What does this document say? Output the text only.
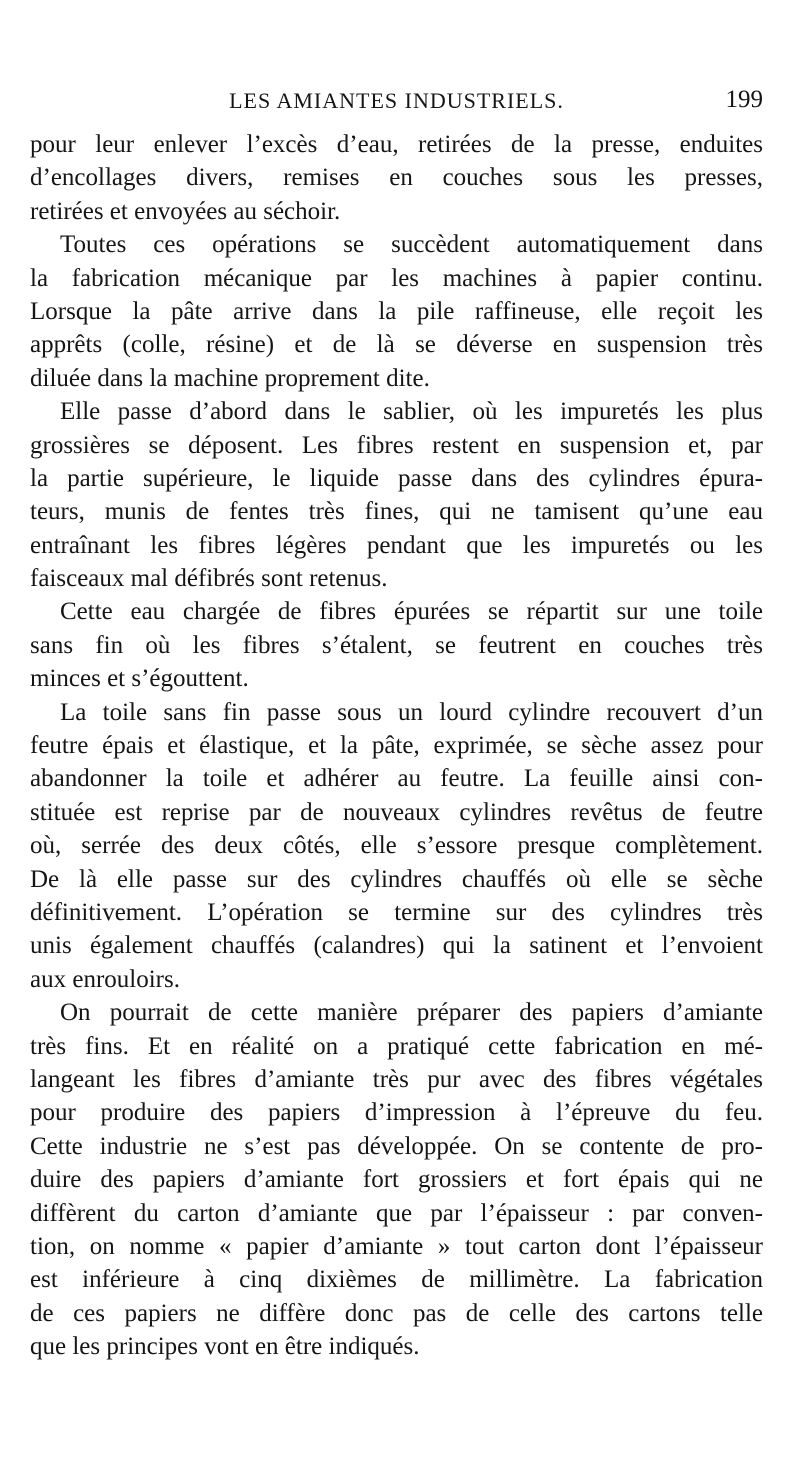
LES AMIANTES INDUSTRIELS.	199
pour leur enlever l’excès d’eau, retirées de la presse, enduites
d’encollages divers, remises en couches sous les presses,
retirées et envoyées au séchoir.
Toutes ces opérations se succèdent automatiquement dans
la fabrication mécanique par les machines à papier continu.
Lorsque la pâte arrive dans la pile raffineuse, elle reçoit les
apprêts (colle, résine) et de là se déverse en suspension très
diluée dans la machine proprement dite.
Elle passe d’abord dans le sablier, où les impuretés les plus
grossières se déposent. Les fibres restent en suspension et, par
la partie supérieure, le liquide passe dans des cylindres épura-
teurs, munis de fentes très fines, qui ne tamisent qu’une eau
entraînant les fibres légères pendant que les impuretés ou les
faisceaux mal défibrés sont retenus.
Cette eau chargée de fibres épurées se répartit sur une toile
sans fin où les fibres s’étalent, se feutrent en couches très
minces et s’égouttent.
La toile sans fin passe sous un lourd cylindre recouvert d’un
feutre épais et élastique, et la pâte, exprimée, se sèche assez pour
abandonner la toile et adhérer au feutre. La feuille ainsi con-
stituée est reprise par de nouveaux cylindres revêtus de feutre
où, serrée des deux côtés, elle s’essore presque complètement.
De là elle passe sur des cylindres chauffés où elle se sèche
définitivement. L’opération se termine sur des cylindres très
unis également chauffés (calandres) qui la satinent et l’envoient
aux enrouloirs.
On pourrait de cette manière préparer des papiers d’amiante
très fins. Et en réalité on a pratiqué cette fabrication en mé-
langeant les fibres d’amiante très pur avec des fibres végétales
pour produire des papiers d’impression à l’épreuve du feu.
Cette industrie ne s’est pas développée. On se contente de pro-
duire des papiers d’amiante fort grossiers et fort épais qui ne
diffèrent du carton d’amiante que par l’épaisseur : par conven-
tion, on nomme « papier d’amiante » tout carton dont l’épaisseur
est inférieure à cinq dixièmes de millimètre. La fabrication
de ces papiers ne diffère donc pas de celle des cartons telle
que les principes vont en être indiqués.
